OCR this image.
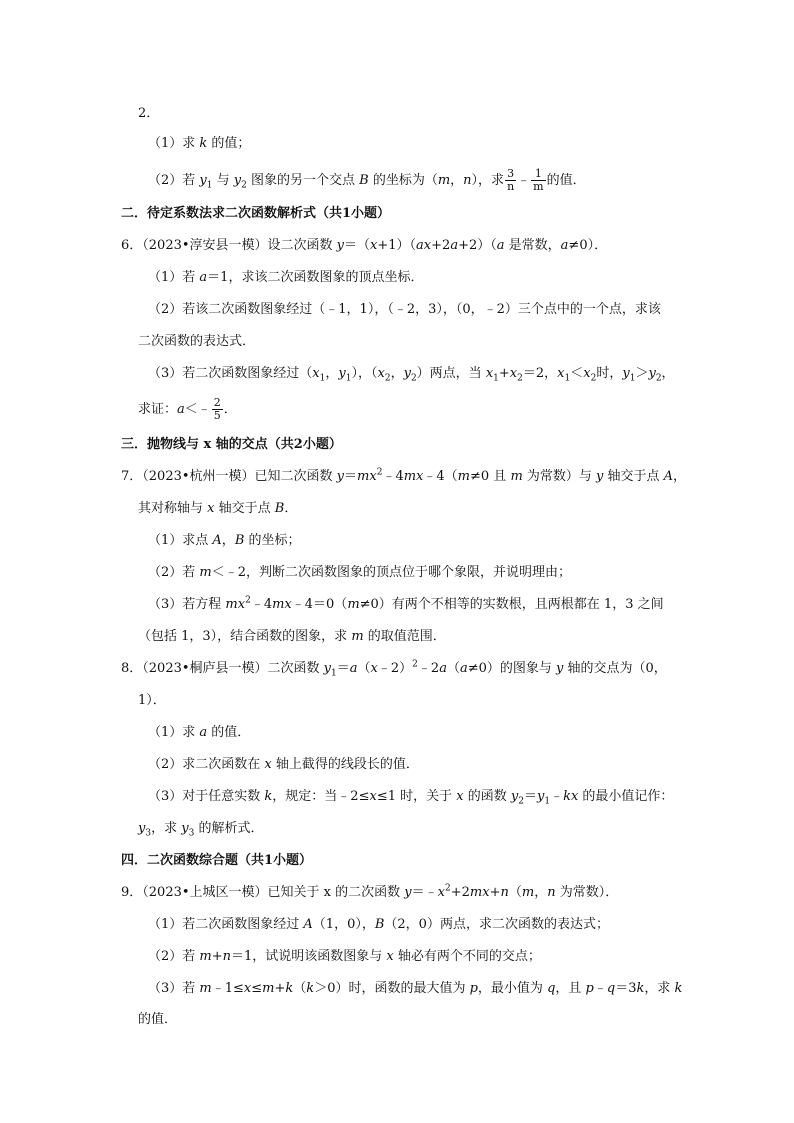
2．
（1）求 k 的值；
（2）若 $y_1$ 与 $y_2$ 图象的另一个交点 B 的坐标为（m，n），求 $\frac{3}{n}$ ﹣ $\frac{1}{m}$ 的值．
二．待定系数法求二次函数解析式（共1小题）
6．（2023•淳安县一模）设二次函数 y＝（x+1）（ax+2a+2）（a 是常数，a≠0）．
（1）若 a＝1，求该二次函数图象的顶点坐标．
（2）若该二次函数图象经过（﹣1，1），（﹣2，3），（0，﹣2）三个点中的一个点，求该
二次函数的表达式．
（3）若二次函数图象经过（$x_1$，$y_1$），（$x_2$，$y_2$）两点，当 $x_1+x_2=2$，$x_1<x_2$时，$y_1>y_2$，
求证：a＜﹣ $\frac{2}{5}$ ．
三．抛物线与 x 轴的交点（共2小题）
7．（2023•杭州一模）已知二次函数 $y=mx^2﹣4mx﹣4(m\ne 0$ 且 m 为常数）与 y 轴交于点 A，
其对称轴与 x 轴交于点 B．
（1）求点 A，B 的坐标；
（2）若 m＜﹣2，判断二次函数图象的顶点位于哪个象限，并说明理由；
（3）若方程 $mx^2﹣4mx﹣4=0(m\ne 0)$有两个不相等的实数根，且两根都在 1，3 之间
（包括 1，3），结合函数的图象，求 m 的取值范围．
8．（2023•桐庐县一模）二次函数 $y_1=a(x﹣2)^2﹣2a(a\ne 0)$的图象与 y 轴的交点为（0，
1）．
（1）求 a 的值．
（2）求二次函数在 x 轴上截得的线段长的值．
（3）对于任意实数 k，规定：当﹣2≤x≤1 时，关于 x 的函数 $y_2=y_1﹣kx$ 的最小值记作：
$y_3$，求 $y_3$ 的解析式．
四．二次函数综合题（共1小题）
9．（2023•上城区一模）已知关于 x 的二次函数 $y=﹣x^2+2mx+n(m$，n 为常数）．
（1）若二次函数图象经过 A（1，0），B（2，0）两点，求二次函数的表达式；
（2）若 m+n＝1，试说明该函数图象与 x 轴必有两个不同的交点；
（3）若 m﹣1≤x≤m+k（k＞0）时，函数的最大值为 p，最小值为 q，且 p﹣q＝3k，求 k
的值．
